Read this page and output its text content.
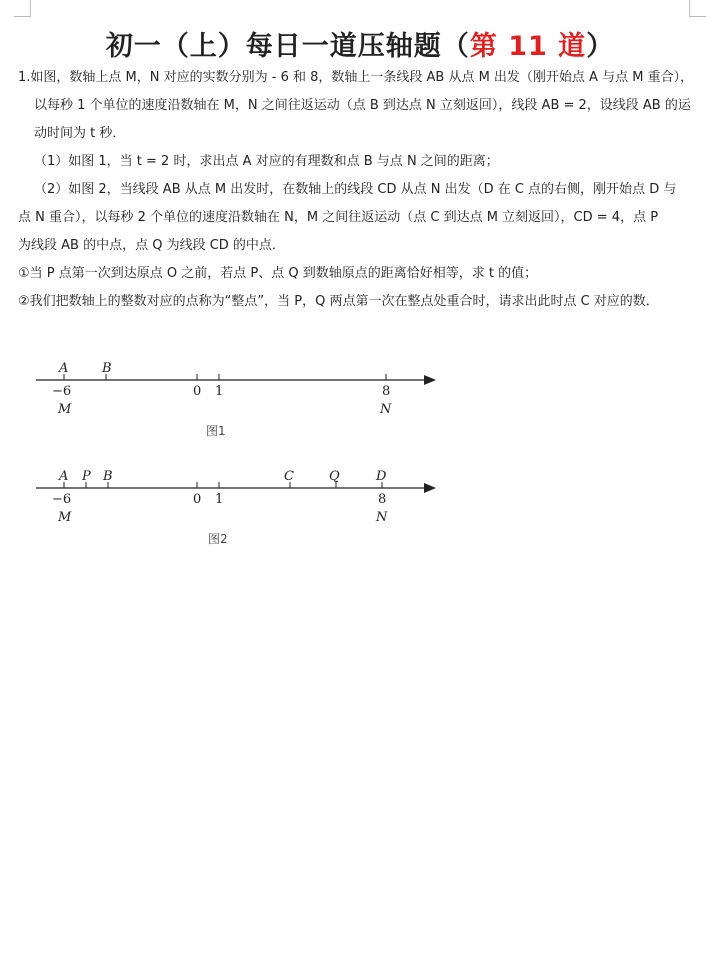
初一（上）每日一道压轴题（第 11 道）

1.如图，数轴上点 M，N 对应的实数分别为 - 6 和 8，数轴上一条线段 AB 从点 M 出发（刚开始点 A 与点 M 重合），

以每秒 1 个单位的速度沿数轴在 M，N 之间往返运动（点 B 到达点 N 立刻返回），线段 AB = 2，设线段 AB 的运

动时间为 t 秒．

（1）如图 1，当 t = 2 时，求出点 A 对应的有理数和点 B 与点 N 之间的距离；

（2）如图 2，当线段 AB 从点 M 出发时，在数轴上的线段 CD 从点 N 出发（D 在 C 点的右侧，刚开始点 D 与

点 N 重合），以每秒 2 个单位的速度沿数轴在 N，M 之间往返运动（点 C 到达点 M 立刻返回），CD = 4，点 P

为线段 AB 的中点，点 Q 为线段 CD 的中点．

①当 P 点第一次到达原点 O 之前，若点 P、点 Q 到数轴原点的距离恰好相等，求 t 的值；

②我们把数轴上的整数对应的点称为“整点”，当 P，Q 两点第一次在整点处重合时，请求出此时点 C 对应的数．

A	B
−6	0 1	8
M	N
图1
A P B	C	Q	D
−6	0 1	8
M	N
图2
